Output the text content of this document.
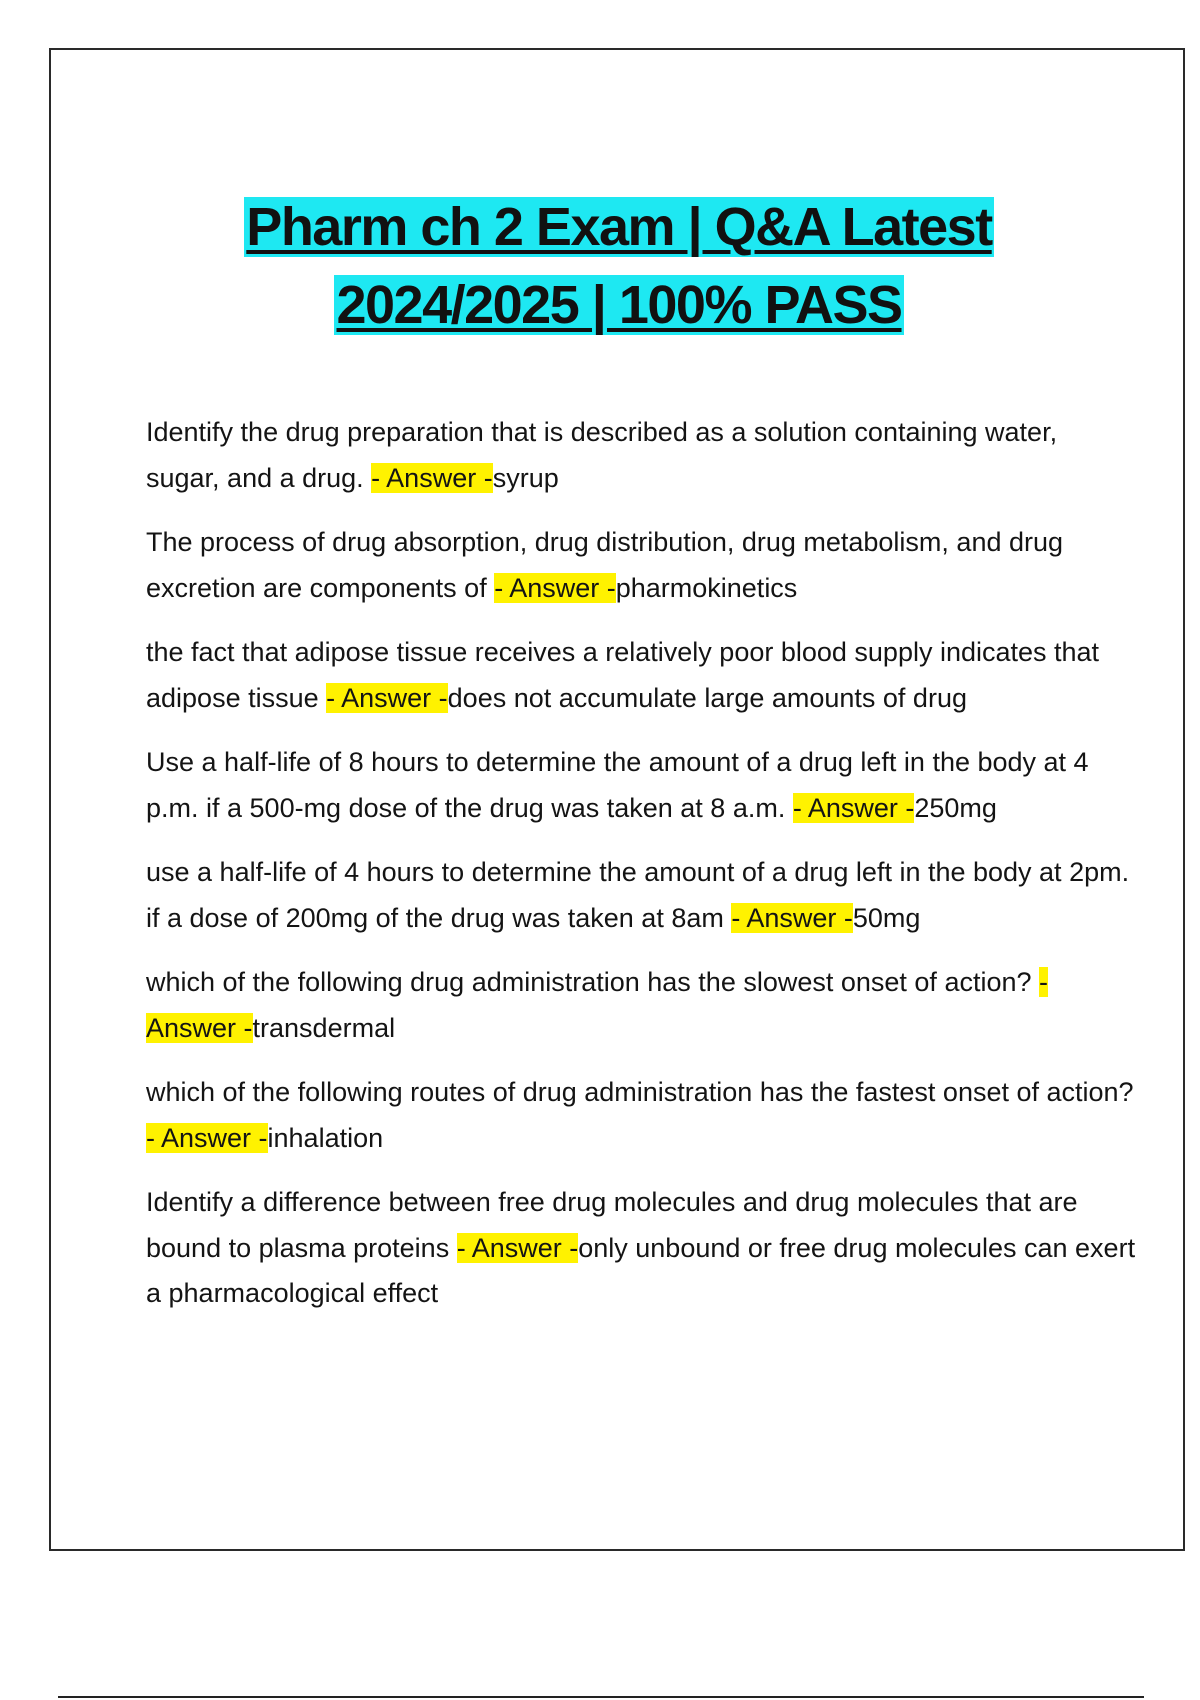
Pharm ch 2 Exam | Q&A Latest
2024/2025 | 100% PASS

Identify the drug preparation that is described as a solution containing water, sugar, and a drug. - Answer -syrup

The process of drug absorption, drug distribution, drug metabolism, and drug excretion are components of - Answer -pharmokinetics

the fact that adipose tissue receives a relatively poor blood supply indicates that adipose tissue - Answer -does not accumulate large amounts of drug

Use a half-life of 8 hours to determine the amount of a drug left in the body at 4 p.m. if a 500-mg dose of the drug was taken at 8 a.m. - Answer -250mg

use a half-life of 4 hours to determine the amount of a drug left in the body at 2pm. if a dose of 200mg of the drug was taken at 8am - Answer -50mg

which of the following drug administration has the slowest onset of action? - Answer -transdermal

which of the following routes of drug administration has the fastest onset of action? - Answer -inhalation

Identify a difference between free drug molecules and drug molecules that are bound to plasma proteins - Answer -only unbound or free drug molecules can exert a pharmacological effect
